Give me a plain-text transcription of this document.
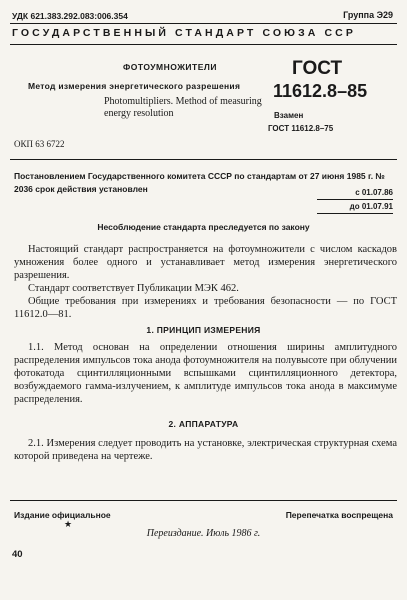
УДК 621.383.292.083:006.354	Группа Э29
ГОСУДАРСТВЕННЫЙ СТАНДАРТ СОЮЗА ССР
ФОТОУМНОЖИТЕЛИ
Метод измерения энергетического разрешения
Photomultipliers. Method of measuring energy resolution
ГОСТ
11612.8–85
Взамен
ГОСТ 11612.8–75
ОКП 63 6722
Постановлением Государственного комитета СССР по стандартам от 27 июня 1985 г. № 2036 срок действия установлен	с 01.07.86
до 01.07.91
Несоблюдение стандарта преследуется по закону
Настоящий стандарт распространяется на фотоумножители с числом каскадов умножения более одного и устанавливает метод измерения энергетического разрешения.
Стандарт соответствует Публикации МЭК 462.
Общие требования при измерениях и требования безопасности — по ГОСТ 11612.0—81.
1. ПРИНЦИП ИЗМЕРЕНИЯ
1.1. Метод основан на определении отношения ширины амплитудного распределения импульсов тока анода фотоумножителя на полувысоте при облучении фотокатода сцинтилляционными вспышками сцинтилляционного детектора, возбуждаемого гамма-излучением, к амплитуде импульсов тока анода в максимуме распределения.
2. АППАРАТУРА
2.1. Измерения следует проводить на установке, электрическая структурная схема которой приведена на чертеже.
Издание официальное
★
Перепечатка воспрещена
Переиздание. Июль 1986 г.
40
